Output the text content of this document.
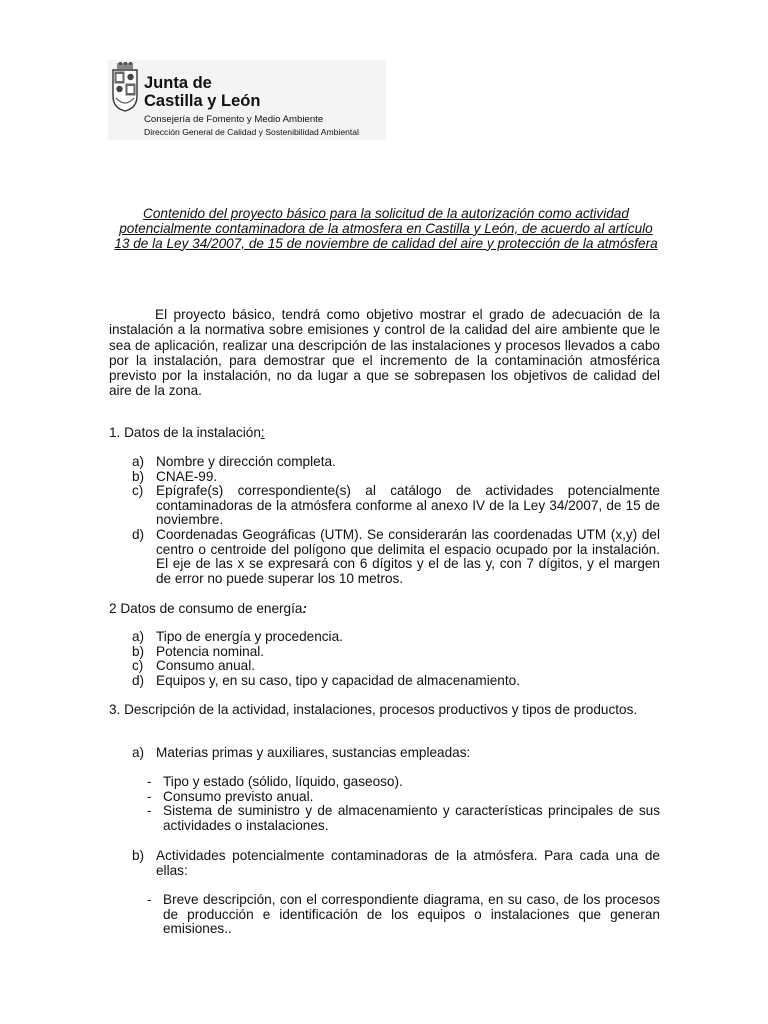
Junta de
Castilla y León
Consejería de Fomento y Medio Ambiente
Dirección General de Calidad y Sostenibilidad Ambiental
Contenido del proyecto básico para la solicitud de la autorización como actividad potencialmente contaminadora de la atmosfera en Castilla y León, de acuerdo al artículo 13 de la Ley 34/2007, de 15 de noviembre de calidad del aire y protección de la atmósfera

El proyecto básico, tendrá como objetivo mostrar el grado de adecuación de la instalación a la normativa sobre emisiones y control de la calidad del aire ambiente que le sea de aplicación, realizar una descripción de las instalaciones y procesos llevados a cabo por la instalación, para demostrar que el incremento de la contaminación atmosférica previsto por la instalación, no da lugar a que se sobrepasen los objetivos de calidad del aire de la zona.

1. Datos de la instalación:
a) Nombre y dirección completa.
b) CNAE-99.
c) Epígrafe(s) correspondiente(s) al catálogo de actividades potencialmente contaminadoras de la atmósfera conforme al anexo IV de la Ley 34/2007, de 15 de noviembre.
d) Coordenadas Geográficas (UTM). Se considerarán las coordenadas UTM (x,y) del centro o centroide del polígono que delimita el espacio ocupado por la instalación. El eje de las x se expresará con 6 dígitos y el de las y, con 7 dígitos, y el margen de error no puede superar los 10 metros.
2 Datos de consumo de energía:
a) Tipo de energía y procedencia.
b) Potencia nominal.
c) Consumo anual.
d) Equipos y, en su caso, tipo y capacidad de almacenamiento.
3. Descripción de la actividad, instalaciones, procesos productivos y tipos de productos.
a) Materias primas y auxiliares, sustancias empleadas:
- Tipo y estado (sólido, líquido, gaseoso).
- Consumo previsto anual.
- Sistema de suministro y de almacenamiento y características principales de sus actividades o instalaciones.
b) Actividades potencialmente contaminadoras de la atmósfera. Para cada una de ellas:
- Breve descripción, con el correspondiente diagrama, en su caso, de los procesos de producción e identificación de los equipos o instalaciones que generan emisiones..
